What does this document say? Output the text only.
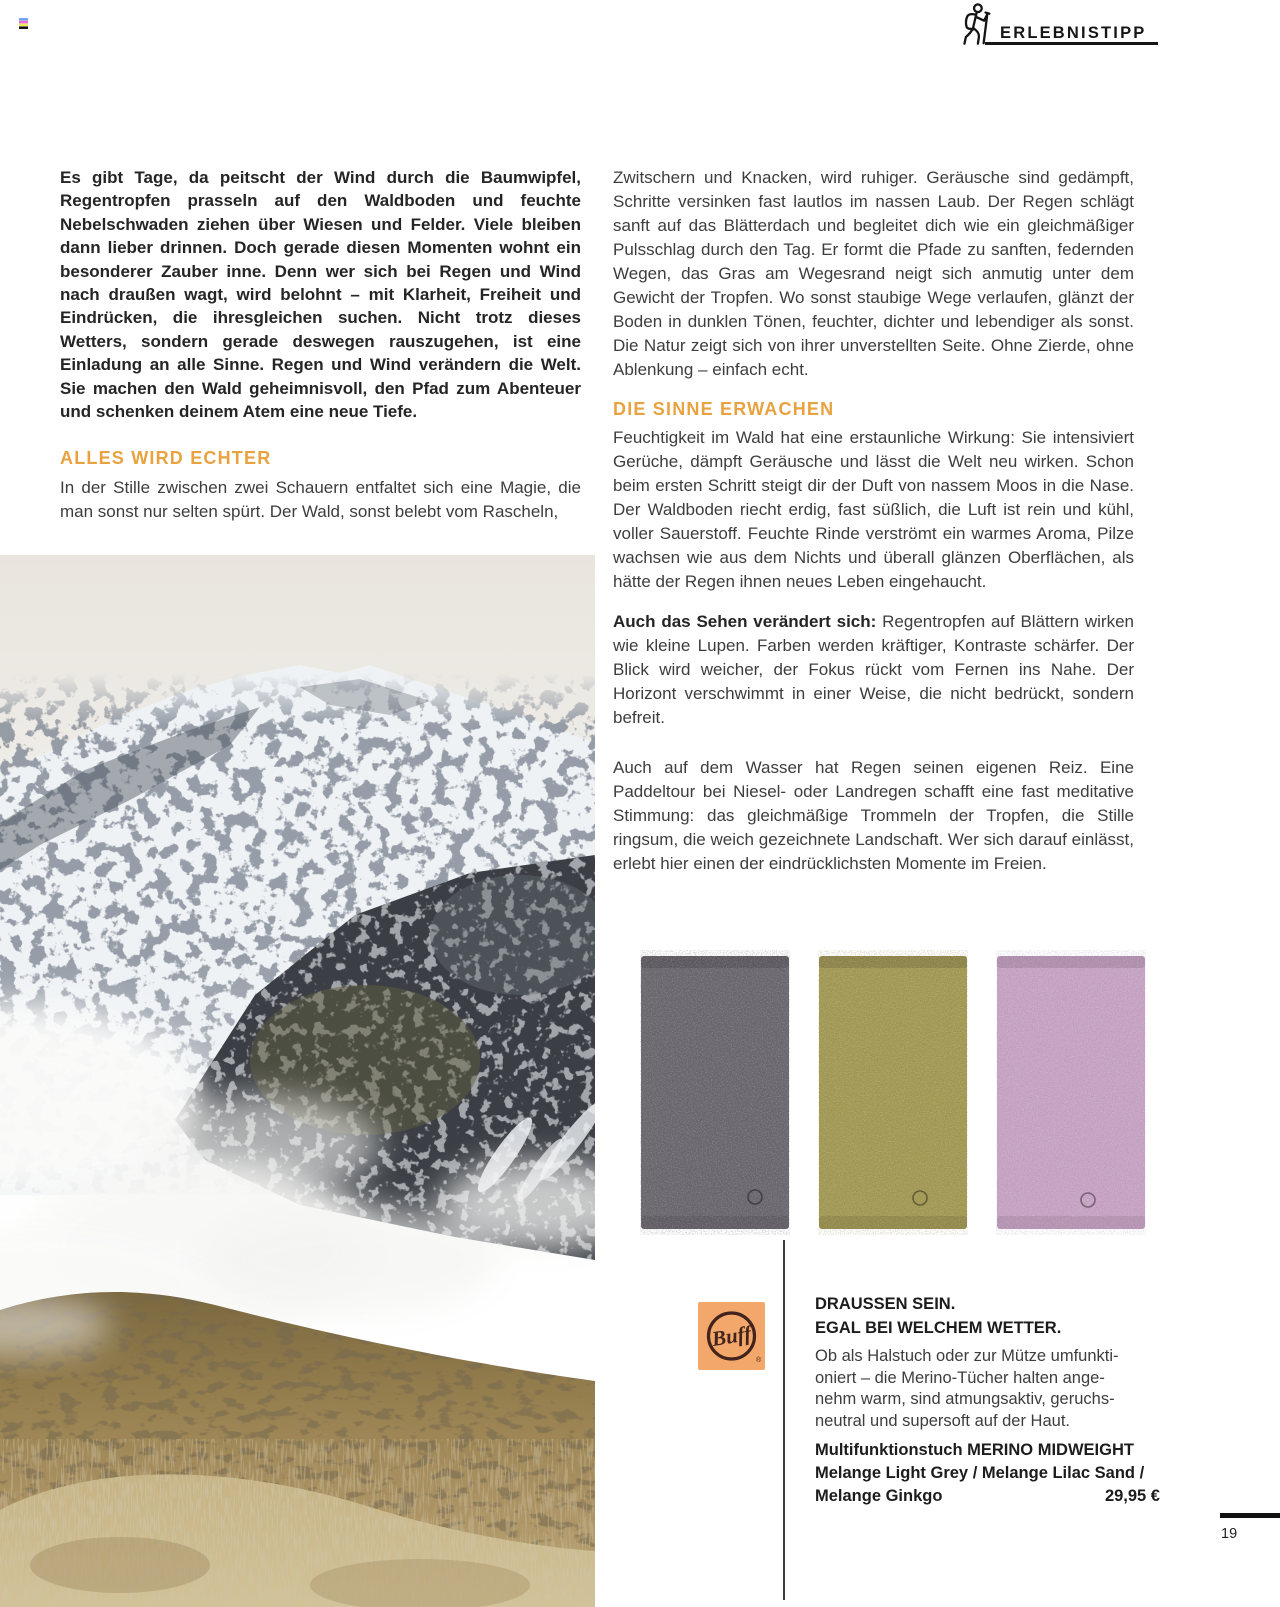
ERLEBNISTIPP

Es gibt Tage, da peitscht der Wind durch die Baumwipfel, Regentropfen prasseln auf den Waldboden und feuchte Nebelschwaden ziehen über Wiesen und Felder. Viele bleiben dann lieber drinnen. Doch gerade diesen Momenten wohnt ein besonderer Zauber inne. Denn wer sich bei Regen und Wind nach draußen wagt, wird belohnt – mit Klarheit, Freiheit und Eindrücken, die ihresgleichen suchen. Nicht trotz dieses Wetters, sondern gerade deswegen rauszugehen, ist eine Einladung an alle Sinne. Regen und Wind verändern die Welt. Sie machen den Wald geheimnisvoll, den Pfad zum Abenteuer und schenken deinem Atem eine neue Tiefe.

ALLES WIRD ECHTER

In der Stille zwischen zwei Schauern entfaltet sich eine Magie, die man sonst nur selten spürt. Der Wald, sonst belebt vom Rascheln,

Zwitschern und Knacken, wird ruhiger. Geräusche sind gedämpft, Schritte versinken fast lautlos im nassen Laub. Der Regen schlägt sanft auf das Blätterdach und begleitet dich wie ein gleichmäßiger Pulsschlag durch den Tag. Er formt die Pfade zu sanften, federnden Wegen, das Gras am Wegesrand neigt sich anmutig unter dem Gewicht der Tropfen. Wo sonst staubige Wege verlaufen, glänzt der Boden in dunklen Tönen, feuchter, dichter und lebendiger als sonst. Die Natur zeigt sich von ihrer unverstellten Seite. Ohne Zierde, ohne Ablenkung – einfach echt.

DIE SINNE ERWACHEN

Feuchtigkeit im Wald hat eine erstaunliche Wirkung: Sie intensiviert Gerüche, dämpft Geräusche und lässt die Welt neu wirken. Schon beim ersten Schritt steigt dir der Duft von nassem Moos in die Nase. Der Waldboden riecht erdig, fast süßlich, die Luft ist rein und kühl, voller Sauerstoff. Feuchte Rinde verströmt ein warmes Aroma, Pilze wachsen wie aus dem Nichts und überall glänzen Oberflächen, als hätte der Regen ihnen neues Leben eingehaucht.

Auch das Sehen verändert sich: Regentropfen auf Blättern wirken wie kleine Lupen. Farben werden kräftiger, Kontraste schärfer. Der Blick wird weicher, der Fokus rückt vom Fernen ins Nahe. Der Horizont verschwimmt in einer Weise, die nicht bedrückt, sondern befreit.

Auch auf dem Wasser hat Regen seinen eigenen Reiz. Eine Paddeltour bei Niesel- oder Landregen schafft eine fast meditative Stimmung: das gleichmäßige Trommeln der Tropfen, die Stille ringsum, die weich gezeichnete Landschaft. Wer sich darauf einlässt, erlebt hier einen der eindrücklichsten Momente im Freien.

Buff
®

DRAUSSEN SEIN.

EGAL BEI WELCHEM WETTER.

Ob als Halstuch oder zur Mütze umfunkti-
oniert – die Merino-Tücher halten ange-
nehm warm, sind atmungsaktiv, geruchs-
neutral und supersoft auf der Haut.
Multifunktionstuch MERINO MIDWEIGHT
Melange Light Grey / Melange Lilac Sand /
Melange Ginkgo	29,95 €
19
